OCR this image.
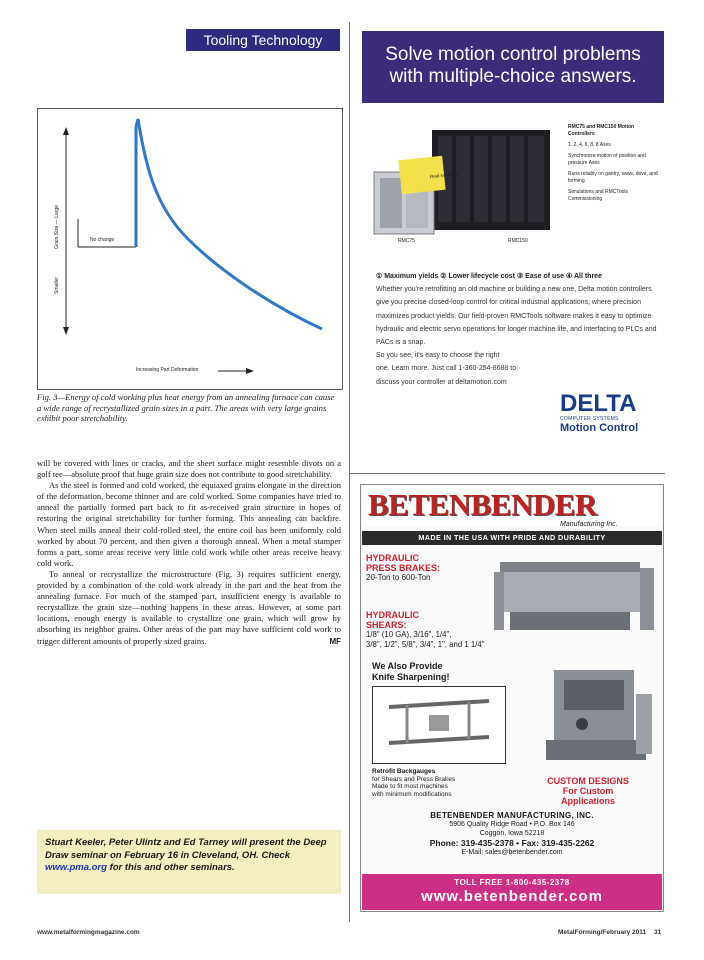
Tooling Technology
Grain Size — Large
Smaller
No change
Increasing Part Deformation
Fig. 3—Energy of cold working plus heat energy from an annealing furnace can cause a wide range of recrystallized grain sizes in a part. The areas with very large grains exhibit poor stretchability.

will be covered with lines or cracks, and the sheet surface might resemble divots on a golf tee—absolute proof that huge grain size does not contribute to good stretchability.

As the steel is formed and cold worked, the equiaxed grains elongate in the direction of the deformation, become thinner and are cold worked. Some companies have tried to anneal the partially formed part back to fit as-received grain structure in hopes of restoring the original stretchability for further forming. This annealing can backfire. When steel mills anneal their cold-rolled steel, the entire coil has been uniformly cold worked by about 70 percent, and then given a thorough anneal. When a metal stamper forms a part, some areas receive very little cold work while other areas receive heavy cold work.

To anneal or recrystallize the microstructure (Fig. 3) requires sufficient energy, provided by a combination of the cold work already in the part and the heat from the annealing furnace. For much of the stamped part, insufficient energy is available to recrystallize the grain size—nothing happens in these areas. However, at some part locations, enough energy is available to crystallize one grain, which will grow by absorbing its neighbor grains. Other areas of the part may have sufficient cold work to trigger different amounts of properly sized grains.	MF

Stuart Keeler, Peter Ulintz and Ed Tarney will present the Deep Draw seminar on February 16 in Cleveland, OH. Check www.pma.org for this and other seminars.
www.metalformingmagazine.com	MetalForming/February 2011 31
Solve motion control problems
with multiple-choice answers.
Real solutions
RMC75	RMC150
RMC75 and RMC150 Motion Controllers
1, 2, 4, 6, 8, 8 Axes
Synchronize motion of position and pressure Axes
Runs reliably on gantry, saws, drive, and forming
Simulations and RMCTools Commissioning
① Maximum yields ② Lower lifecycle cost ③ Ease of use ④ All three
Whether you're retrofitting an old machine or building a new one, Delta motion controllers give you precise closed-loop control for critical industrial applications, where precision maximizes product yields. Our field-proven RMCTools software makes it easy to optimize hydraulic and electric servo operations for longer machine life, and interfacing to PLCs and PACs is a snap.
So you see, it's easy to choose the right
one. Learn more. Just call 1-360-254-8688 to
discuss your controller at deltamotion.com
DELTA
COMPUTER SYSTEMS
Motion Control
BETENBENDER
Manufacturing Inc.
MADE IN THE USA WITH PRIDE AND DURABILITY
HYDRAULIC
PRESS BRAKES:
20-Ton to 600-Ton
HYDRAULIC
SHEARS:
1/8" (10 GA), 3/16", 1/4",
3/8", 1/2", 5/8", 3/4", 1", and 1 1/4"
We Also Provide
Knife Sharpening!
Retrofit Backgauges
for Shears and Press Brakes
Made to fit most machines
with minimum modifications
CUSTOM DESIGNS
For Custom
Applications
BETENBENDER MANUFACTURING, INC.
5906 Quality Ridge Road • P.O. Box 146
Coggon, Iowa 52218
Phone: 319-435-2378 • Fax: 319-435-2262
E-Mail: sales@betenbender.com
TOLL FREE 1-800-435-2378
www.betenbender.com
